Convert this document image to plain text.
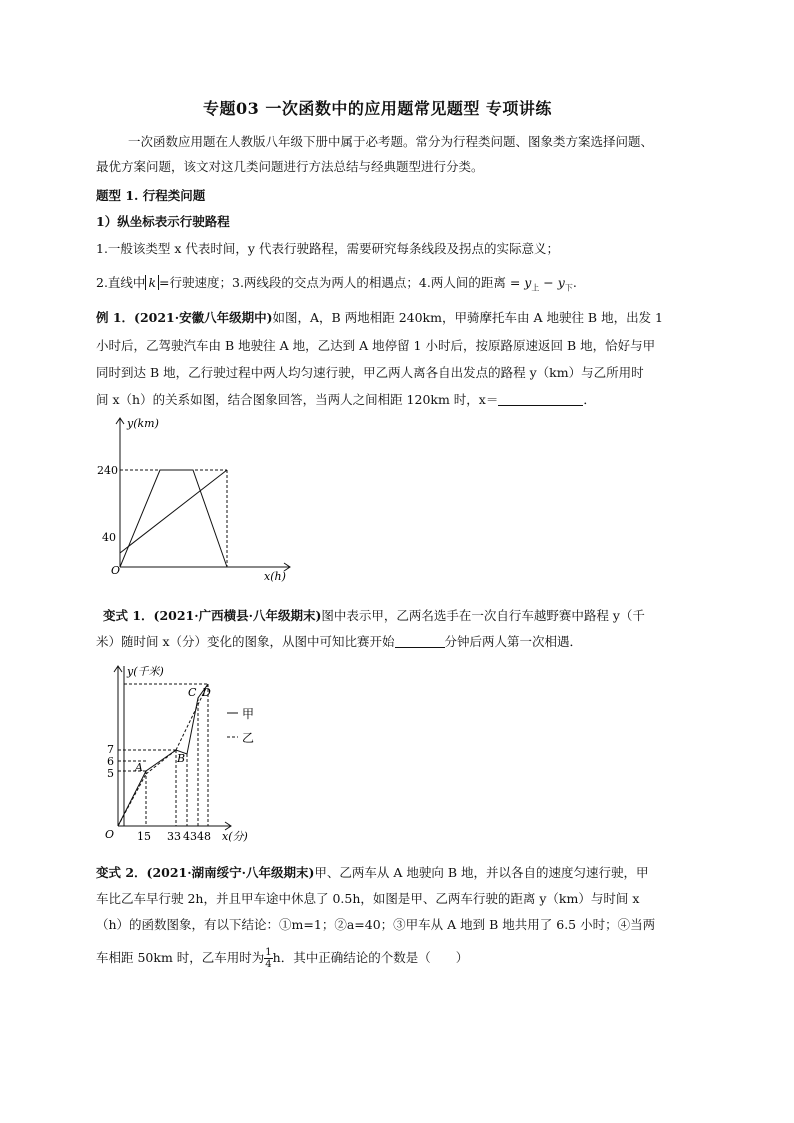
专题03 一次函数中的应用题常见题型 专项讲练
一次函数应用题在人教版八年级下册中属于必考题。常分为行程类问题、图象类方案选择问题、
最优方案问题，该文对这几类问题进行方法总结与经典题型进行分类。
题型 1. 行程类问题
1）纵坐标表示行驶路程
1.一般该类型 x 代表时间，y 代表行驶路程，需要研究每条线段及拐点的实际意义；
2.直线中 k =行驶速度；3.两线段的交点为两人的相遇点；4.两人间的距离 = $y_上 - y_下$.
例 1．(2021·安徽八年级期中)如图，A，B 两地相距 240km，甲骑摩托车由 A 地驶往 B 地，出发 1
小时后，乙驾驶汽车由 B 地驶往 A 地，乙达到 A 地停留 1 小时后，按原路原速返回 B 地，恰好与甲
同时到达 B 地，乙行驶过程中两人均匀速行驶，甲乙两人离各自出发点的路程 y（km）与乙所用时
间 x（h）的关系如图，结合图象回答，当两人之间相距 120km 时，x＝	．
y(km)
x(h)
O
240
40
变式 1．(2021·广西横县·八年级期末)图中表示甲，乙两名选手在一次自行车越野赛中路程 y（千
米）随时间 x（分）变化的图象，从图中可知比赛开始	分钟后两人第一次相遇．
y(千米)
x(分)
O
7
6
5
15 33 43 48
A
B
C D
甲
乙
变式 2．(2021·湖南绥宁·八年级期末)甲、乙两车从 A 地驶向 B 地，并以各自的速度匀速行驶，甲
车比乙车早行驶 2h，并且甲车途中休息了 0.5h，如图是甲、乙两车行驶的距离 y（km）与时间 x
（h）的函数图象，有以下结论：①m=1；②a=40；③甲车从 A 地到 B 地共用了 6.5 小时；④当两
车相距 50km 时，乙车用时为 $\frac{1}{4}$ h．其中正确结论的个数是（　　）
